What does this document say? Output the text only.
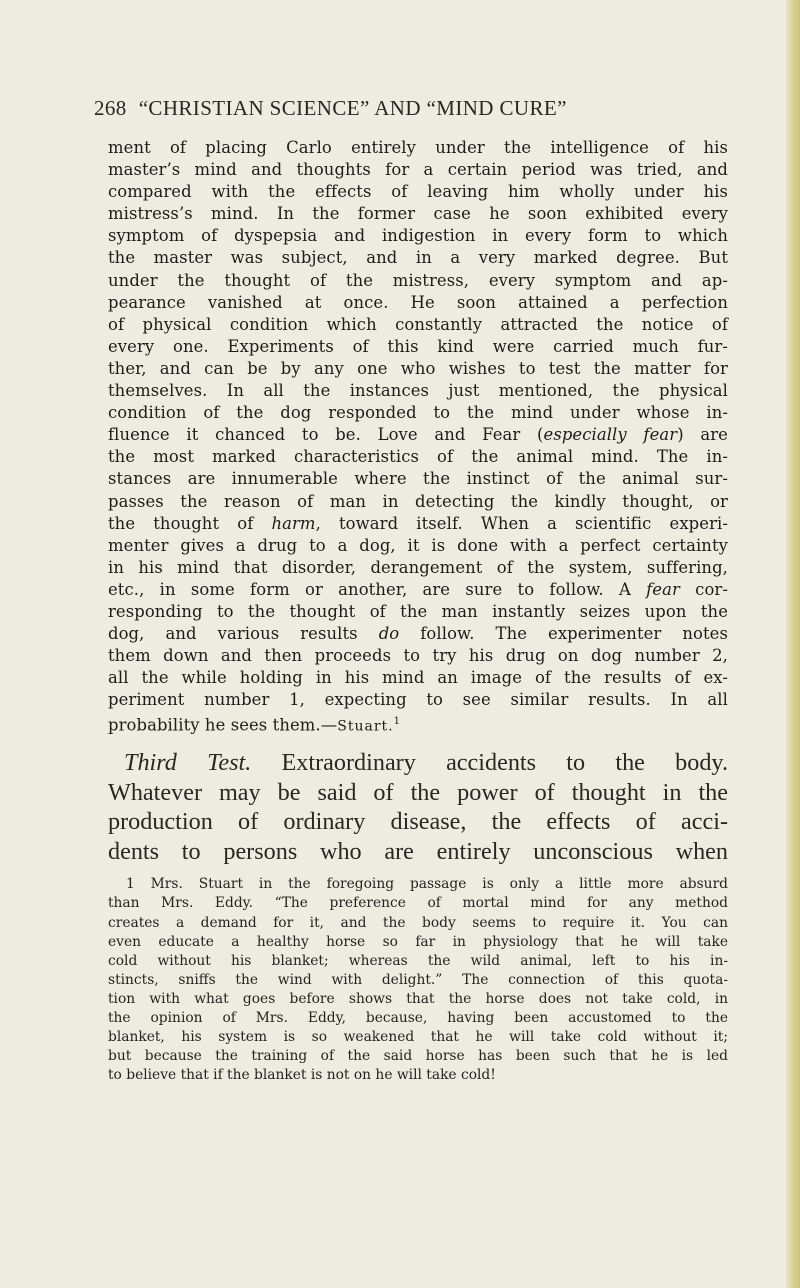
268 “CHRISTIAN SCIENCE” AND “MIND CURE”

ment of placing Carlo entirely under the intelligence of his
master’s mind and thoughts for a certain period was tried, and
compared with the effects of leaving him wholly under his
mistress’s mind. In the former case he soon exhibited every
symptom of dyspepsia and indigestion in every form to which
the master was subject, and in a very marked degree. But
under the thought of the mistress, every symptom and ap-
pearance vanished at once. He soon attained a perfection
of physical condition which constantly attracted the notice of
every one. Experiments of this kind were carried much fur-
ther, and can be by any one who wishes to test the matter for
themselves. In all the instances just mentioned, the physical
condition of the dog responded to the mind under whose in-
fluence it chanced to be. Love and Fear (especially fear) are
the most marked characteristics of the animal mind. The in-
stances are innumerable where the instinct of the animal sur-
passes the reason of man in detecting the kindly thought, or
the thought of harm, toward itself. When a scientific experi-
menter gives a drug to a dog, it is done with a perfect certainty
in his mind that disorder, derangement of the system, suffering,
etc., in some form or another, are sure to follow. A fear cor-
responding to the thought of the man instantly seizes upon the
dog, and various results do follow. The experimenter notes
them down and then proceeds to try his drug on dog number 2,
all the while holding in his mind an image of the results of ex-
periment number 1, expecting to see similar results. In all
probability he sees them.—Stuart.$^1$

Third Test. Extraordinary accidents to the body.
Whatever may be said of the power of thought in the
production of ordinary disease, the effects of acci-
dents to persons who are entirely unconscious when
1 Mrs. Stuart in the foregoing passage is only a little more absurd
than Mrs. Eddy. “The preference of mortal mind for any method
creates a demand for it, and the body seems to require it. You can
even educate a healthy horse so far in physiology that he will take
cold without his blanket; whereas the wild animal, left to his in-
stincts, sniffs the wind with delight.” The connection of this quota-
tion with what goes before shows that the horse does not take cold, in
the opinion of Mrs. Eddy, because, having been accustomed to the
blanket, his system is so weakened that he will take cold without it;
but because the training of the said horse has been such that he is led
to believe that if the blanket is not on he will take cold!
